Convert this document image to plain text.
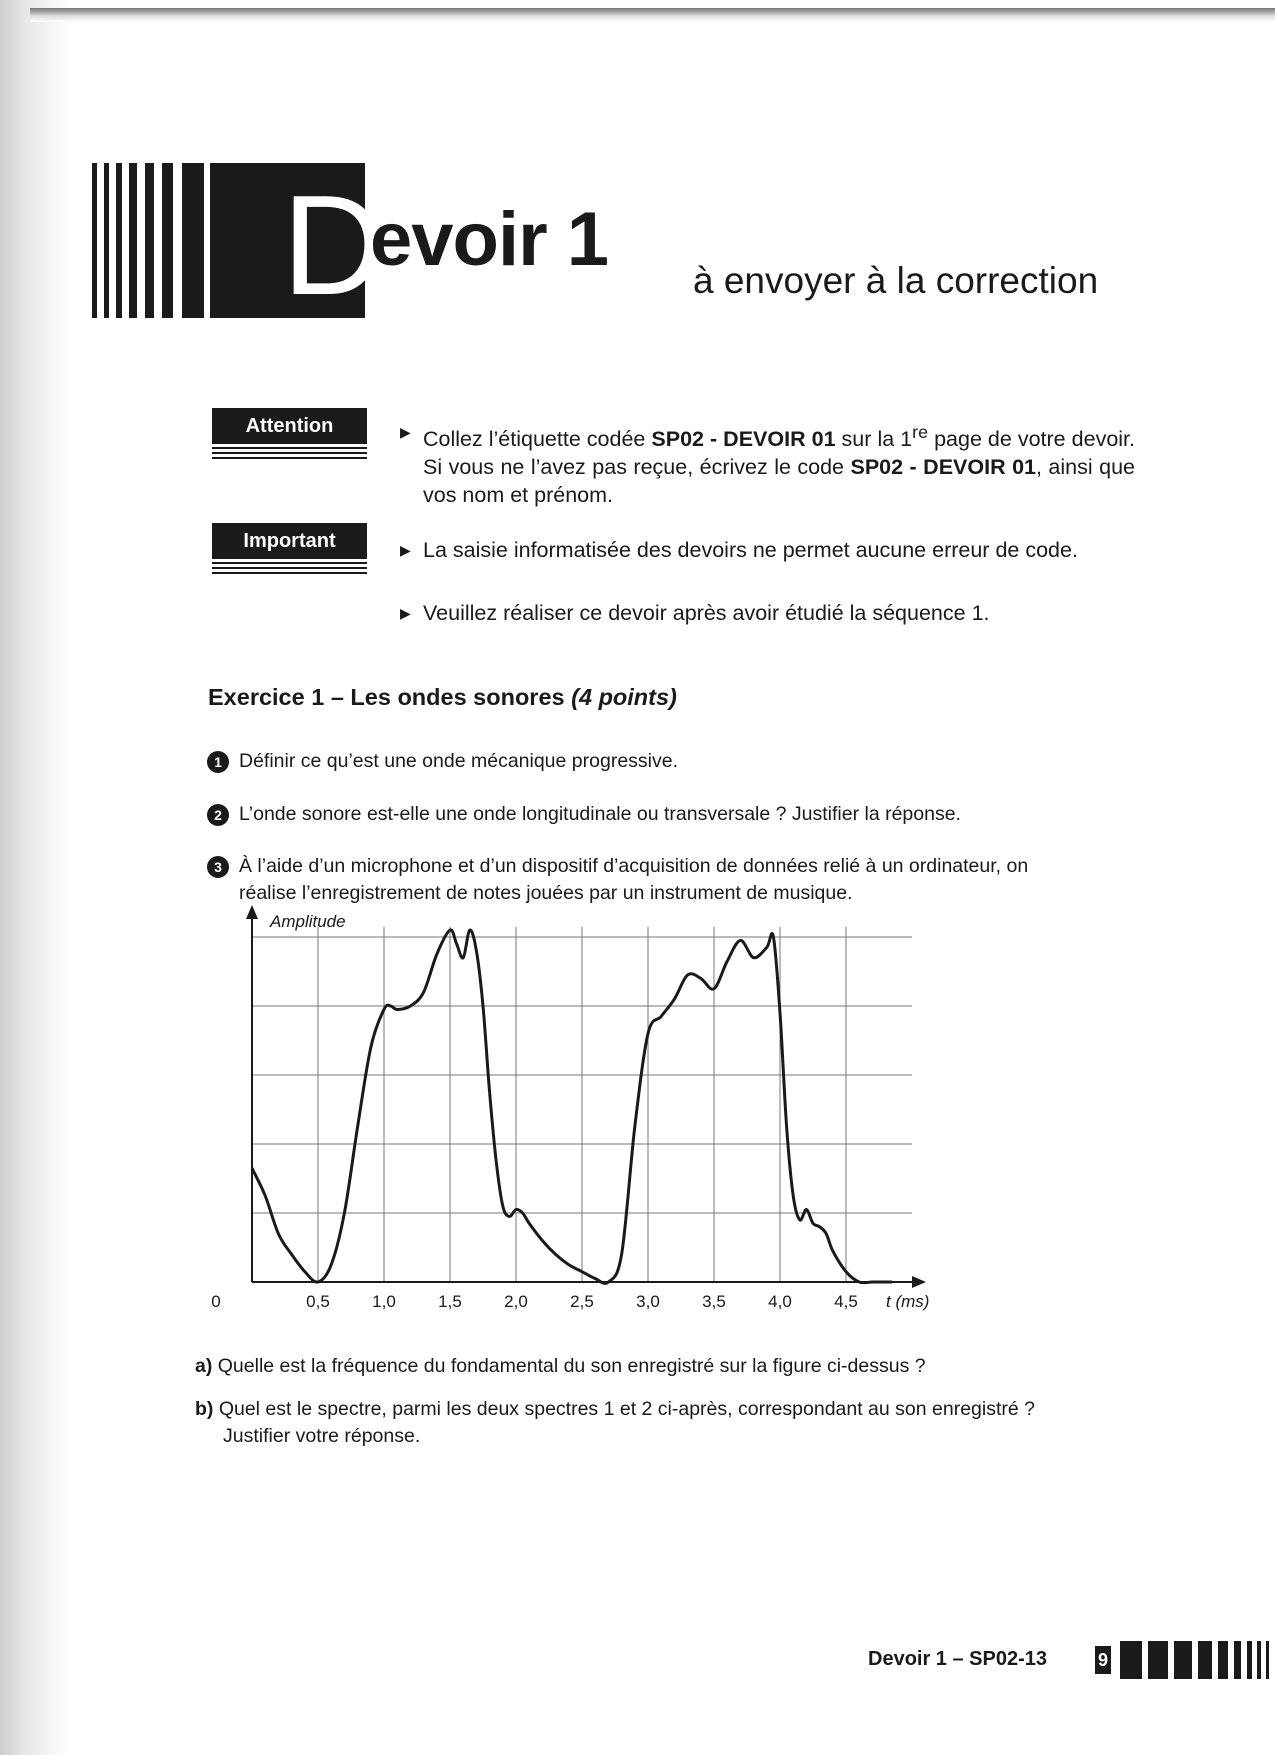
D
evoir 1 à envoyer à la correction
Attention	▶ Collez l’étiquette codée SP02 - DEVOIR 01 sur la 1re page de votre devoir. Si vous ne l’avez pas reçue, écrivez le code SP02 - DEVOIR 01, ainsi que vos nom et prénom.
Important	▶ La saisie informatisée des devoirs ne permet aucune erreur de code.
▶ Veuillez réaliser ce devoir après avoir étudié la séquence 1.
Exercice 1 – Les ondes sonores (4 points)
1 Définir ce qu’est une onde mécanique progressive.
2 L’onde sonore est-elle une onde longitudinale ou transversale ? Justifier la réponse.
3 À l’aide d’un microphone et d’un dispositif d’acquisition de données relié à un ordinateur, on
réalise l’enregistrement de notes jouées par un instrument de musique.
Amplitude
0	0,5 1,0 1,5 2,0 2,5 3,0 3,5 4,0 4,5 t (ms)
a) Quelle est la fréquence du fondamental du son enregistré sur la figure ci-dessus ?
b) Quel est le spectre, parmi les deux spectres 1 et 2 ci-après, correspondant au son enregistré ?
Justifier votre réponse.
Devoir 1 – SP02-13	9
